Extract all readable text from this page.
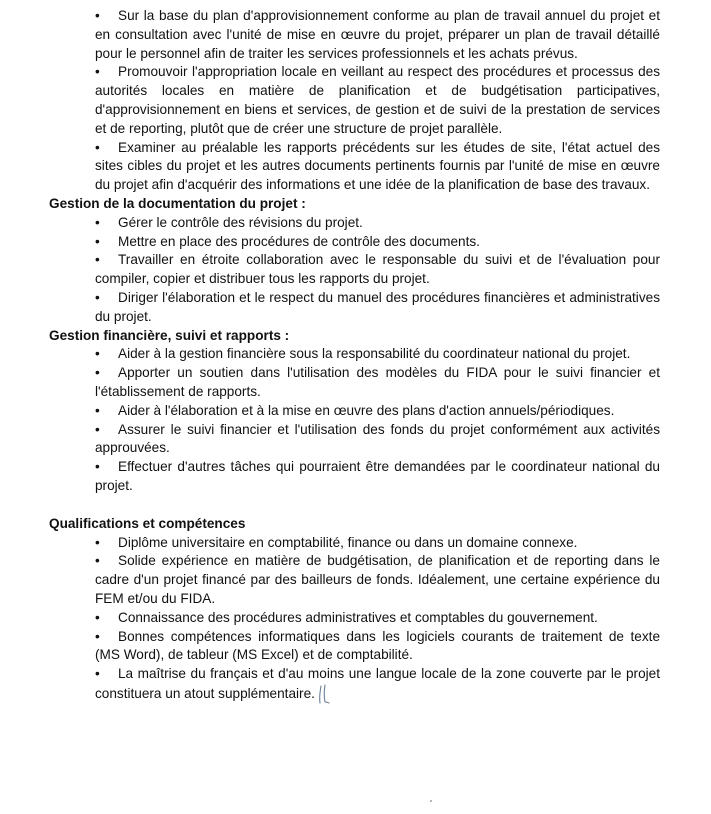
• Sur la base du plan d'approvisionnement conforme au plan de travail annuel du projet et en consultation avec l'unité de mise en œuvre du projet, préparer un plan de travail détaillé pour le personnel afin de traiter les services professionnels et les achats prévus.
• Promouvoir l'appropriation locale en veillant au respect des procédures et processus des autorités locales en matière de planification et de budgétisation participatives, d'approvisionnement en biens et services, de gestion et de suivi de la prestation de services et de reporting, plutôt que de créer une structure de projet parallèle.
• Examiner au préalable les rapports précédents sur les études de site, l'état actuel des sites cibles du projet et les autres documents pertinents fournis par l'unité de mise en œuvre du projet afin d'acquérir des informations et une idée de la planification de base des travaux.

Gestion de la documentation du projet :

• Gérer le contrôle des révisions du projet.
• Mettre en place des procédures de contrôle des documents.
• Travailler en étroite collaboration avec le responsable du suivi et de l'évaluation pour compiler, copier et distribuer tous les rapports du projet.
• Diriger l'élaboration et le respect du manuel des procédures financières et administratives du projet.

Gestion financière, suivi et rapports :

• Aider à la gestion financière sous la responsabilité du coordinateur national du projet.
• Apporter un soutien dans l'utilisation des modèles du FIDA pour le suivi financier et l'établissement de rapports.
• Aider à l'élaboration et à la mise en œuvre des plans d'action annuels/périodiques.
• Assurer le suivi financier et l'utilisation des fonds du projet conformément aux activités approuvées.
• Effectuer d'autres tâches qui pourraient être demandées par le coordinateur national du projet.

Qualifications et compétences

• Diplôme universitaire en comptabilité, finance ou dans un domaine connexe.
• Solide expérience en matière de budgétisation, de planification et de reporting dans le cadre d'un projet financé par des bailleurs de fonds. Idéalement, une certaine expérience du FEM et/ou du FIDA.
• Connaissance des procédures administratives et comptables du gouvernement.
• Bonnes compétences informatiques dans les logiciels courants de traitement de texte (MS Word), de tableur (MS Excel) et de comptabilité.
• La maîtrise du français et d'au moins une langue locale de la zone couverte par le projet constituera un atout supplémentaire.
